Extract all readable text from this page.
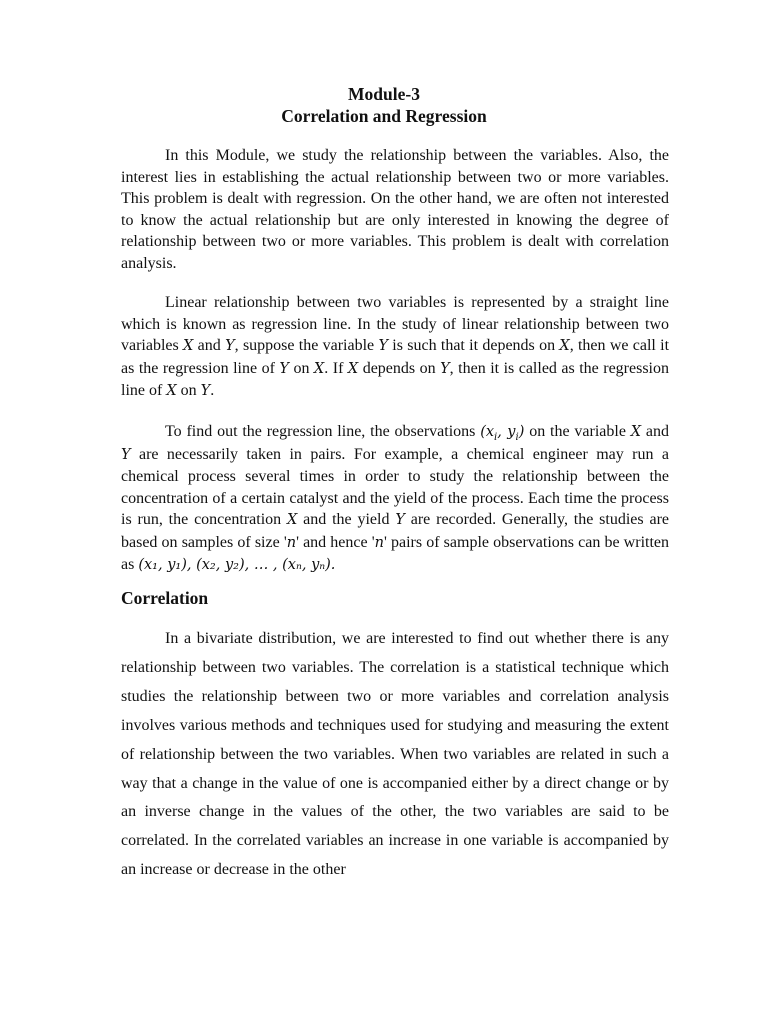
Module-3
Correlation and Regression

In this Module, we study the relationship between the variables. Also, the interest lies in establishing the actual relationship between two or more variables. This problem is dealt with regression. On the other hand, we are often not interested to know the actual relationship but are only interested in knowing the degree of relationship between two or more variables. This problem is dealt with correlation analysis.

Linear relationship between two variables is represented by a straight line which is known as regression line. In the study of linear relationship between two variables X and Y, suppose the variable Y is such that it depends on X, then we call it as the regression line of Y on X. If X depends on Y, then it is called as the regression line of X on Y.

To find out the regression line, the observations ($x_i$, $y_i$) on the variable X and Y are necessarily taken in pairs. For example, a chemical engineer may run a chemical process several times in order to study the relationship between the concentration of a certain catalyst and the yield of the process. Each time the process is run, the concentration X and the yield Y are recorded. Generally, the studies are based on samples of size 'n' and hence 'n' pairs of sample observations can be written as (x₁, y₁), (x₂, y₂), … , (xₙ, yₙ).

Correlation

In a bivariate distribution, we are interested to find out whether there is any relationship between two variables. The correlation is a statistical technique which studies the relationship between two or more variables and correlation analysis involves various methods and techniques used for studying and measuring the extent of relationship between the two variables. When two variables are related in such a way that a change in the value of one is accompanied either by a direct change or by an inverse change in the values of the other, the two variables are said to be correlated. In the correlated variables an increase in one variable is accompanied by an increase or decrease in the other
